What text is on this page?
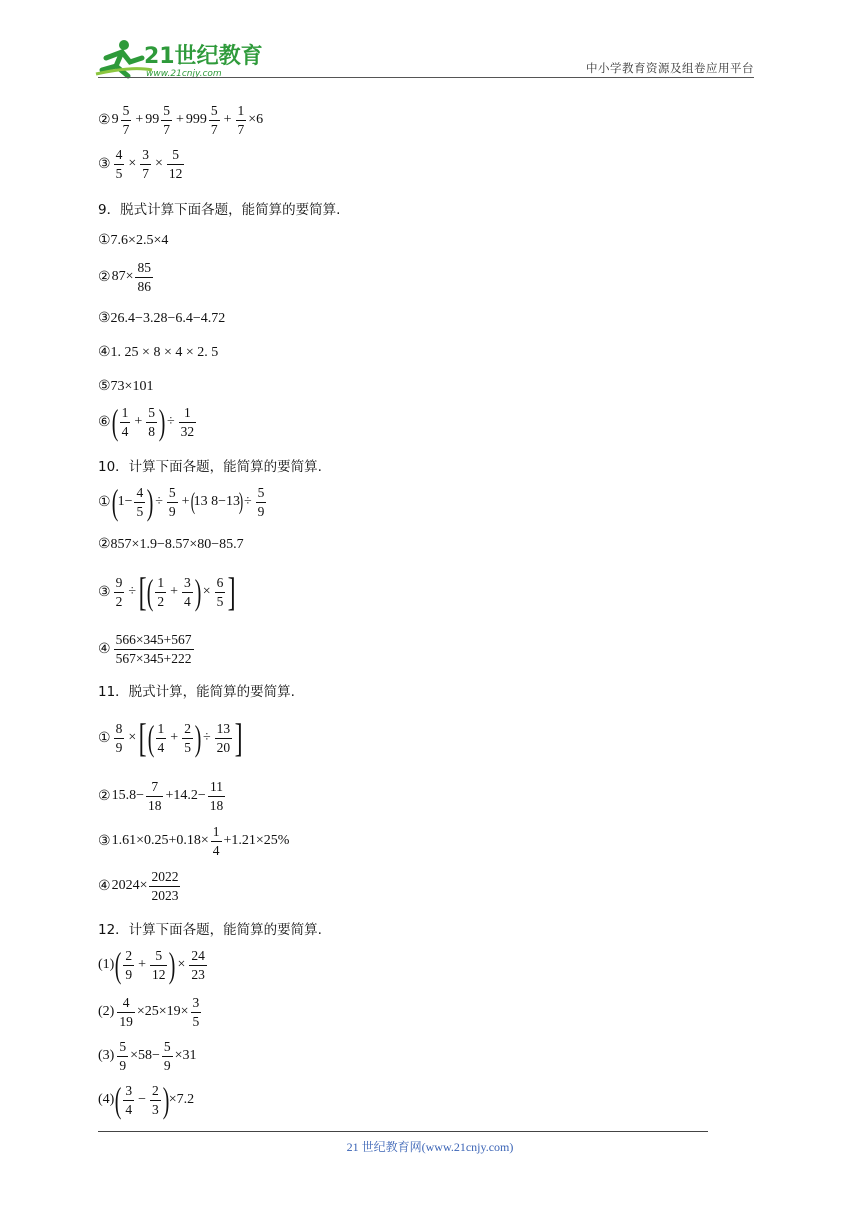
21世纪教育
www.21cnjy.com	中小学教育资源及组卷应用平台
② $9 \frac{5}{7} + 99 \frac{5}{7} + 999 \frac{5}{7} + \frac{1}{7} \times 6$
③ $\frac{4}{5} \times \frac{3}{7} \times \frac{5}{12}$
9．脱式计算下面各题，能简算的要简算.
①7.6×2.5×4
② $87\times \frac{85}{86}$
③26.4−3.28−6.4−4.72
④1. 25 × 8 × 4 × 2. 5
⑤73×101
⑥ ( $\frac{1}{4} + \frac{5}{8}$ ) ÷ $\frac{1}{32}$
10．计算下面各题，能简算的要简算.
① ( $1- \frac{4}{5}$ ) ÷ $\frac{5}{9}$ + (
13 8−13
) ÷ $\frac{5}{9}$
②857×1.9−8.57×80−85.7
③ $\frac{9}{2}$ ÷ [ ( $\frac{1}{2} + \frac{3}{4}$ ) × $\frac{6}{5}$ ]
④ $\frac{566\times 345+567}{567\times 345+222}$
11．脱式计算，能简算的要简算.
① $\frac{8}{9}$ × [ ( $\frac{1}{4} + \frac{2}{5}$ ) ÷ $\frac{13}{20}$ ]
② $15.8- \frac{7}{18} +14.2- \frac{11}{18}$
③ $1.61\times 0.25+0.18\times \frac{1}{4} +1.21\times 25\%$
④ $2024\times \frac{2022}{2023}$
12．计算下面各题，能简算的要简算.
(1) ( $\frac{2}{9} + \frac{5}{12}$ ) × $\frac{24}{23}$
$(2) \frac{4}{19} \times 25\times 19\times \frac{3}{5}$
$(3) \frac{5}{9} \times 58- \frac{5}{9} \times 31$
(4) ( $\frac{3}{4} - \frac{2}{3}$ ) ×7.2
21 世纪教育网(www.21cnjy.com)
